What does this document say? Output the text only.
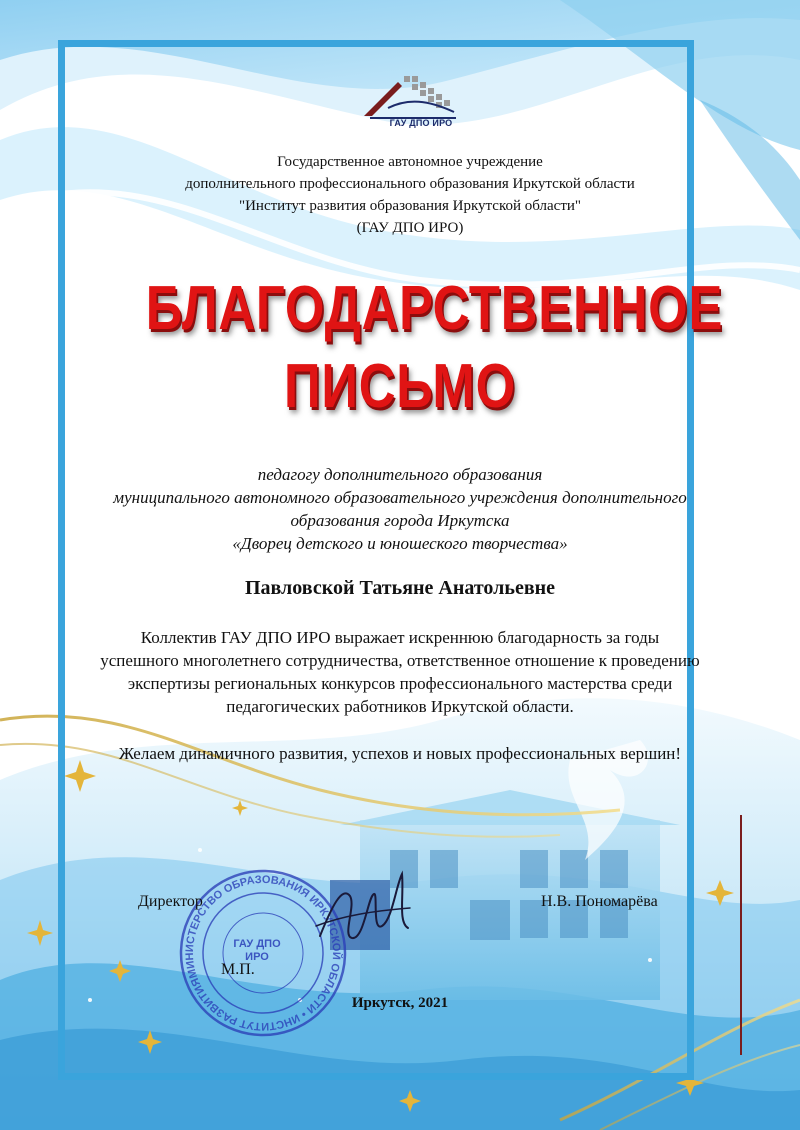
ГАУ ДПО ИРО
Государственное автономное учреждение
дополнительного профессионального образования Иркутской области
"Институт развития образования Иркутской области"
(ГАУ ДПО ИРО)
БЛАГОДАРСТВЕННОЕ
ПИСЬМО
педагогу дополнительного образования
муниципального автономного образовательного учреждения дополнительного
образования города Иркутска
«Дворец детского и юношеского творчества»
Павловской Татьяне Анатольевне
Коллектив ГАУ ДПО ИРО выражает искреннюю благодарность за годы
успешного многолетнего сотрудничества, ответственное отношение к проведению
экспертизы региональных конкурсов профессионального мастерства среди
педагогических работников Иркутской области.
Желаем динамичного развития, успехов и новых профессиональных вершин!
МИНИСТЕРСТВО ОБРАЗОВАНИЯ ИРКУТСКОЙ ОБЛАСТИ • ИНСТИТУТ РАЗВИТИЯ
ГАУ ДПО ИРО
Директор	Н.В. Пономарёва
М.П.
Иркутск, 2021
